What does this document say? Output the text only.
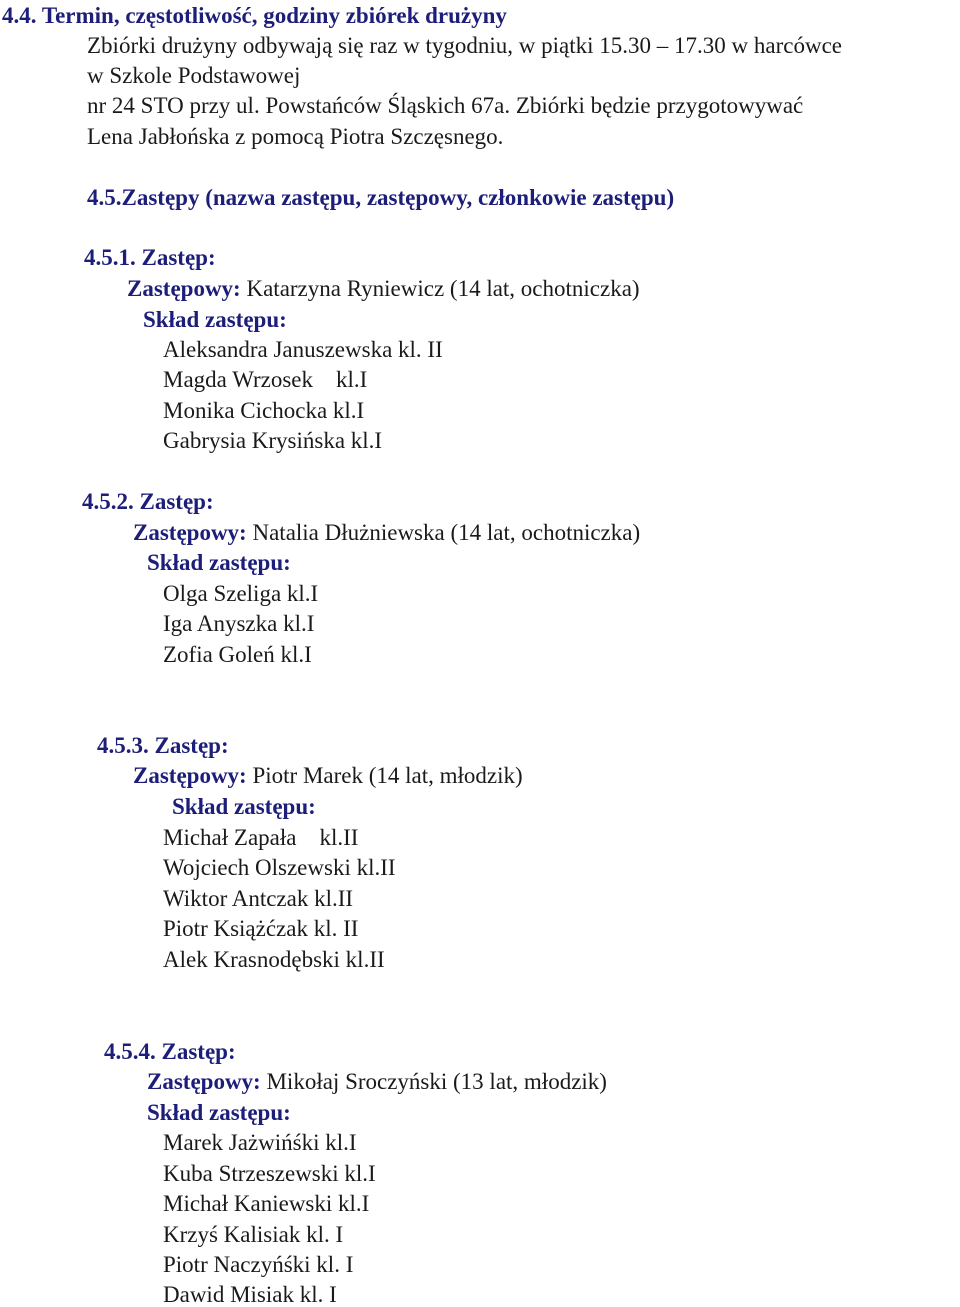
4.4. Termin, częstotliwość, godziny zbiórek drużyny
Zbiórki drużyny odbywają się raz w tygodniu, w piątki 15.30 – 17.30 w harcówce
w Szkole Podstawowej
nr 24 STO przy ul. Powstańców Śląskich 67a. Zbiórki będzie przygotowywać
Lena Jabłońska z pomocą Piotra Szczęsnego.
4.5.Zastępy (nazwa zastępu, zastępowy, członkowie zastępu)
4.5.1. Zastęp:
Zastępowy: Katarzyna Ryniewicz (14 lat, ochotniczka)
Skład zastępu:
Aleksandra Januszewska kl. II
Magda Wrzosek    kl.I
Monika Cichocka kl.I
Gabrysia Krysińska kl.I
4.5.2. Zastęp:
Zastępowy: Natalia Dłużniewska (14 lat, ochotniczka)
Skład zastępu:
Olga Szeliga kl.I
Iga Anyszka kl.I
Zofia Goleń kl.I
4.5.3. Zastęp:
Zastępowy: Piotr Marek (14 lat, młodzik)
Skład zastępu:
Michał Zapała    kl.II
Wojciech Olszewski kl.II
Wiktor Antczak kl.II
Piotr Książćzak kl. II
Alek Krasnodębski kl.II
4.5.4. Zastęp:
Zastępowy: Mikołaj Sroczyński (13 lat, młodzik)
Skład zastępu:
Marek Jażwińśki kl.I
Kuba Strzeszewski kl.I
Michał Kaniewski kl.I
Krzyś Kalisiak kl. I
Piotr Naczyńśki kl. I
Dawid Misiak kl. I
